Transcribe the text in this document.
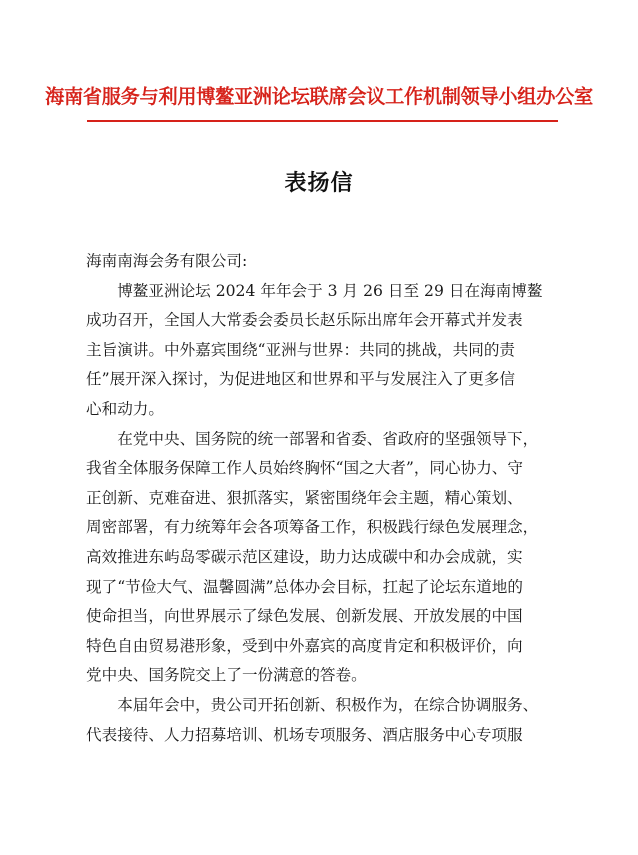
海南省服务与利用博鳌亚洲论坛联席会议工作机制领导小组办公室
表扬信
海南南海会务有限公司:
　　博鳌亚洲论坛 2024 年年会于 3 月 26 日至 29 日在海南博鳌
成功召开，全国人大常委会委员长赵乐际出席年会开幕式并发表
主旨演讲。中外嘉宾围绕“亚洲与世界：共同的挑战，共同的责
任”展开深入探讨，为促进地区和世界和平与发展注入了更多信
心和动力。
　　在党中央、国务院的统一部署和省委、省政府的坚强领导下，
我省全体服务保障工作人员始终胸怀“国之大者”，同心协力、守
正创新、克难奋进、狠抓落实，紧密围绕年会主题，精心策划、
周密部署，有力统筹年会各项筹备工作，积极践行绿色发展理念，
高效推进东屿岛零碳示范区建设，助力达成碳中和办会成就，实
现了“节俭大气、温馨圆满”总体办会目标，扛起了论坛东道地的
使命担当，向世界展示了绿色发展、创新发展、开放发展的中国
特色自由贸易港形象，受到中外嘉宾的高度肯定和积极评价，向
党中央、国务院交上了一份满意的答卷。
　　本届年会中，贵公司开拓创新、积极作为，在综合协调服务、
代表接待、人力招募培训、机场专项服务、酒店服务中心专项服
